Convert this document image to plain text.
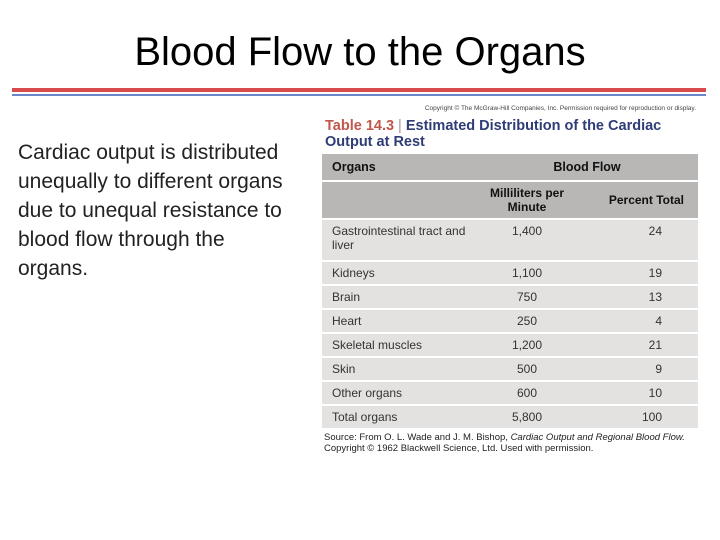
Blood Flow to the Organs
Cardiac output is distributed unequally to different organs due to unequal resistance to blood flow through the organs.
Copyright © The McGraw-Hill Companies, Inc. Permission required for reproduction or display.
Table 14.3 | Estimated Distribution of the Cardiac Output at Rest
Organs	Blood Flow	
	Milliliters per Minute	Percent Total
Gastrointestinal tract and liver	1,400	24
Kidneys	1,100	19
Brain	750	13
Heart	250	4
Skeletal muscles	1,200	21
Skin	500	9
Other organs	600	10
Total organs	5,800	100
Source: From O. L. Wade and J. M. Bishop, Cardiac Output and Regional Blood Flow. Copyright © 1962 Blackwell Science, Ltd. Used with permission.
